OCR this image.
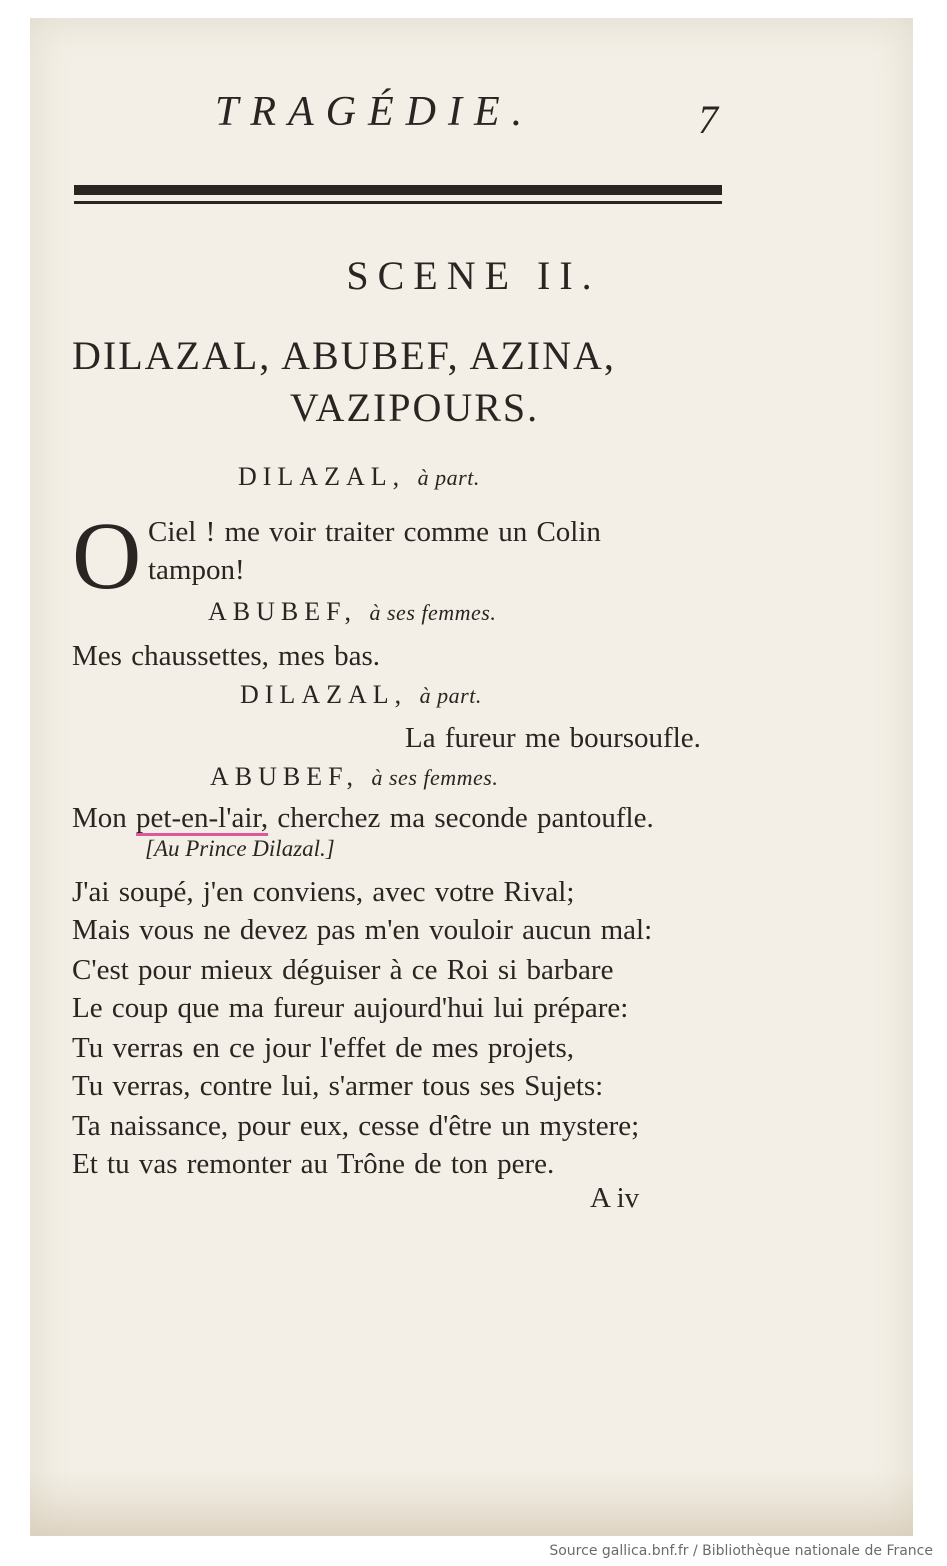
TRAGÉDIE.	7
SCENE II.
DILAZAL, ABUBEF, AZINA,
VAZIPOURS.
DILAZAL, à part.
O Ciel ! me voir traiter comme un Colin
tampon!
ABUBEF, à ses femmes.
Mes chaussettes, mes bas.
DILAZAL, à part.
La fureur me boursoufle.
ABUBEF, à ses femmes.
Mon pet-en-l'air, cherchez ma seconde pantoufle.
[Au Prince Dilazal.]
J'ai soupé, j'en conviens, avec votre Rival;
Mais vous ne devez pas m'en vouloir aucun mal:
C'est pour mieux déguiser à ce Roi si barbare
Le coup que ma fureur aujourd'hui lui prépare:
Tu verras en ce jour l'effet de mes projets,
Tu verras, contre lui, s'armer tous ses Sujets:
Ta naissance, pour eux, cesse d'être un mystere;
Et tu vas remonter au Trône de ton pere.
A iv
Source gallica.bnf.fr / Bibliothèque nationale de France
